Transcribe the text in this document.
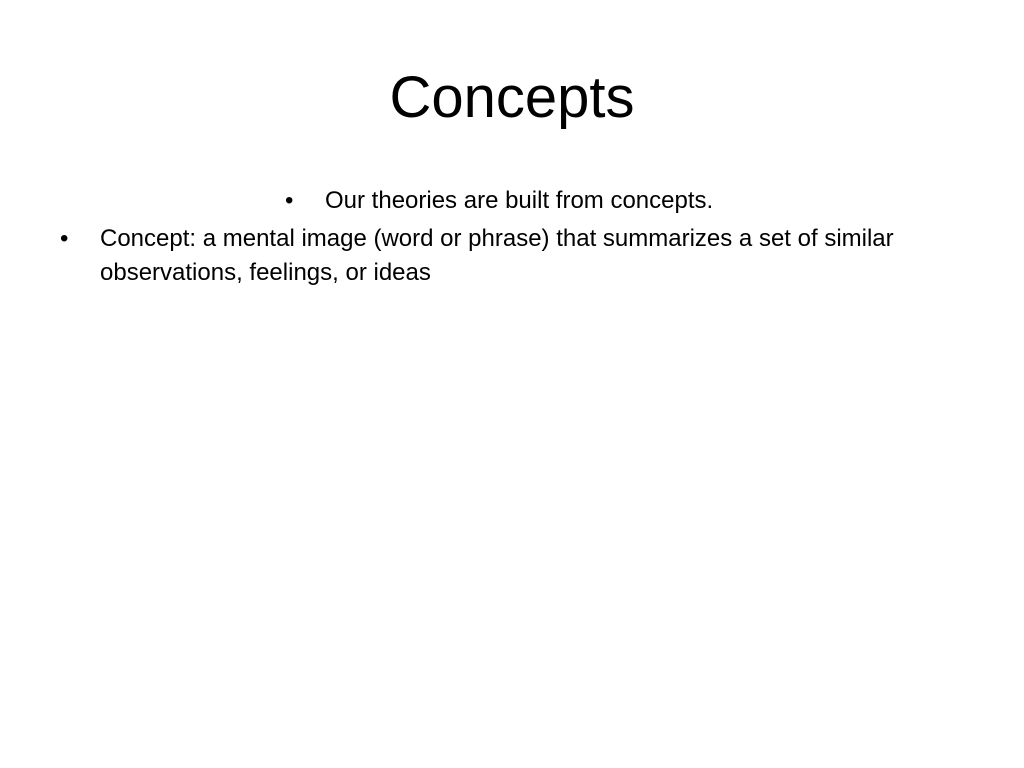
Concepts
•	Our theories are built from concepts.
•	Concept: a mental image (word or phrase) that summarizes a set of similar observations, feelings, or ideas
